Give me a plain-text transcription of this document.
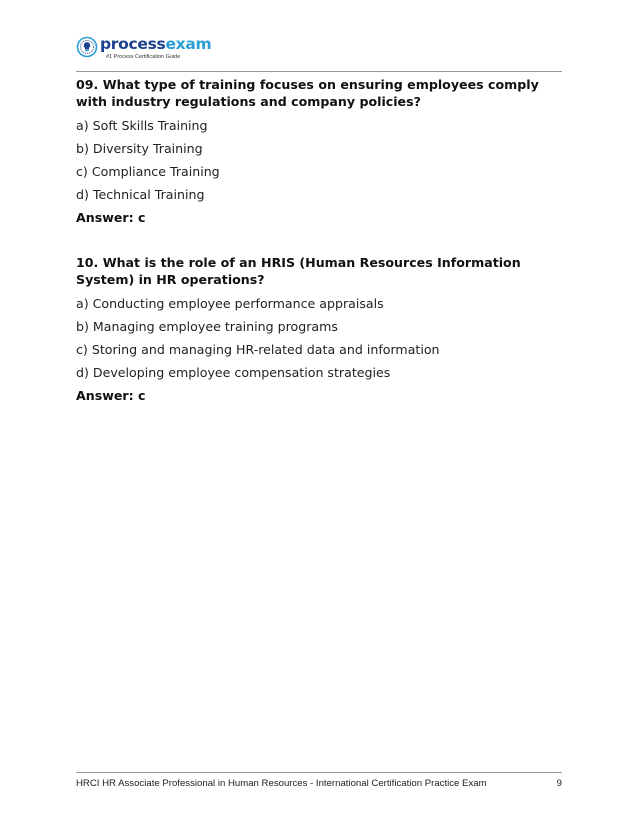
processexam
#1 Process Certification Guide

09. What type of training focuses on ensuring employees comply with industry regulations and company policies?

a) Soft Skills Training

b) Diversity Training

c) Compliance Training

d) Technical Training

Answer: c

10. What is the role of an HRIS (Human Resources Information System) in HR operations?

a) Conducting employee performance appraisals

b) Managing employee training programs

c) Storing and managing HR-related data and information

d) Developing employee compensation strategies

Answer: c

HRCI HR Associate Professional in Human Resources - International Certification Practice Exam	9
